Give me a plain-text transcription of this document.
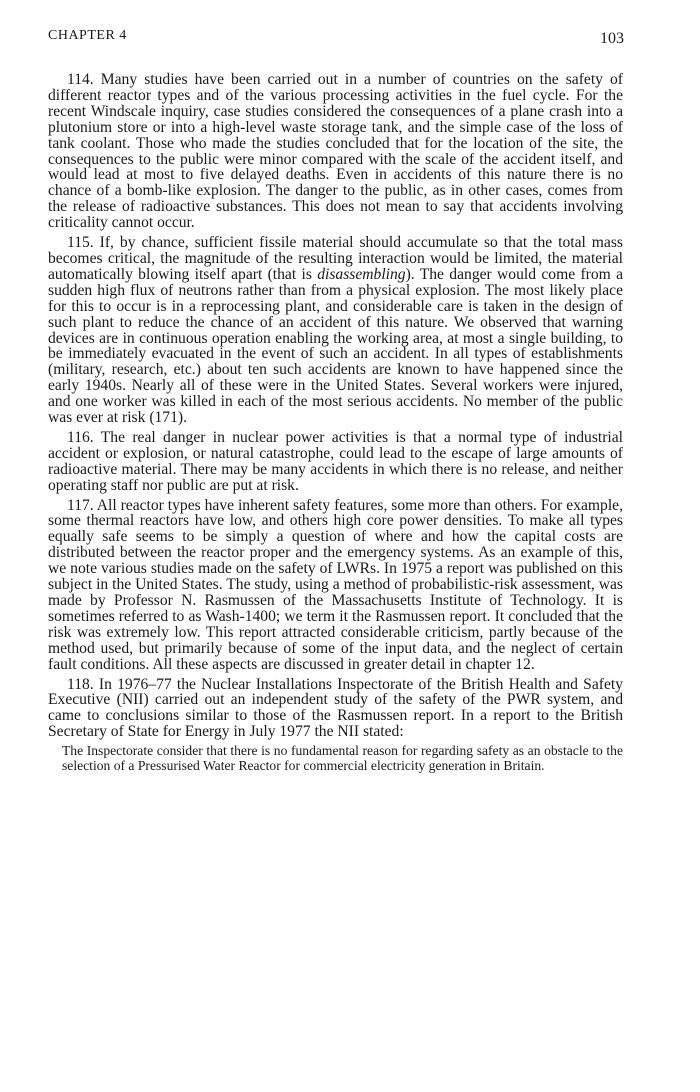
CHAPTER 4	103

114. Many studies have been carried out in a number of countries on the safety of different reactor types and of the various processing activities in the fuel cycle. For the recent Windscale inquiry, case studies considered the consequences of a plane crash into a plutonium store or into a high-level waste storage tank, and the simple case of the loss of tank coolant. Those who made the studies concluded that for the location of the site, the consequences to the public were minor compared with the scale of the accident itself, and would lead at most to five delayed deaths. Even in accidents of this nature there is no chance of a bomb-like explosion. The danger to the public, as in other cases, comes from the release of radioactive substances. This does not mean to say that accidents involving criticality cannot occur.

115. If, by chance, sufficient fissile material should accumulate so that the total mass becomes critical, the magnitude of the resulting interaction would be limited, the material automatically blowing itself apart (that is disassembling). The danger would come from a sudden high flux of neutrons rather than from a physical explosion. The most likely place for this to occur is in a reprocessing plant, and considerable care is taken in the design of such plant to reduce the chance of an accident of this nature. We observed that warning devices are in continuous operation enabling the working area, at most a single building, to be immediately evacuated in the event of such an accident. In all types of establishments (military, research, etc.) about ten such accidents are known to have happened since the early 1940s. Nearly all of these were in the United States. Several workers were injured, and one worker was killed in each of the most serious accidents. No member of the public was ever at risk (171).

116. The real danger in nuclear power activities is that a normal type of industrial accident or explosion, or natural catastrophe, could lead to the escape of large amounts of radioactive material. There may be many accidents in which there is no release, and neither operating staff nor public are put at risk.

117. All reactor types have inherent safety features, some more than others. For example, some thermal reactors have low, and others high core power densities. To make all types equally safe seems to be simply a question of where and how the capital costs are distributed between the reactor proper and the emergency systems. As an example of this, we note various studies made on the safety of LWRs. In 1975 a report was published on this subject in the United States. The study, using a method of probabilistic-risk assessment, was made by Professor N. Rasmussen of the Massachusetts Institute of Technology. It is sometimes referred to as Wash-1400; we term it the Rasmussen report. It concluded that the risk was extremely low. This report attracted considerable criticism, partly because of the method used, but primarily because of some of the input data, and the neglect of certain fault conditions. All these aspects are discussed in greater detail in chapter 12.

118. In 1976–77 the Nuclear Installations Inspectorate of the British Health and Safety Executive (NII) carried out an independent study of the safety of the PWR system, and came to conclusions similar to those of the Rasmussen report. In a report to the British Secretary of State for Energy in July 1977 the NII stated:

The Inspectorate consider that there is no fundamental reason for regarding safety as an obstacle to the selection of a Pressurised Water Reactor for commercial electricity generation in Britain.
